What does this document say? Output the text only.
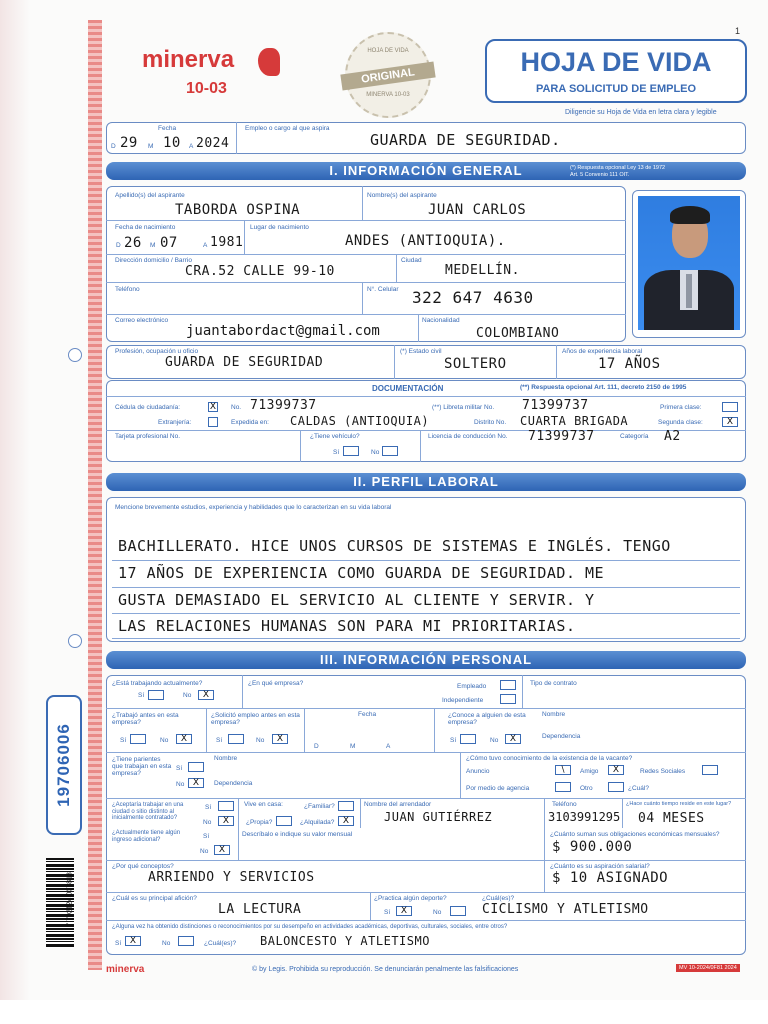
1
minerva
10-03
HOJA DE VIDA
ORIGINAL
MINERVA 10-03
HOJA DE VIDA
PARA SOLICITUD DE EMPLEO
Diligencie su Hoja de Vida en letra clara y legible
Fecha
D 29 M 10 A 2024
Empleo o cargo al que aspira
GUARDA DE SEGURIDAD.
I. INFORMACIÓN GENERAL	(*) Respuesta opcional Ley 13 de 1972
Art. 5 Convenio 111 OIT.
Apellido(s) del aspirante
TABORDA OSPINA
Nombre(s) del aspirante
JUAN CARLOS
Fecha de nacimiento
D 26 M 07	A 1981
Lugar de nacimiento
ANDES (ANTIOQUIA).
Dirección domicilio / Barrio
CRA.52 CALLE 99-10
Ciudad
MEDELLÍN.
Teléfono	N°. Celular 322 647 4630
Correo electrónico
juantabordact@gmail.com
Nacionalidad
COLOMBIANO
Profesión, ocupación u oficio
GUARDA DE SEGURIDAD
(*) Estado civil
SOLTERO
Años de experiencia laboral
17 AÑOS
DOCUMENTACIÓN	(**) Respuesta opcional Art. 111, decreto 2150 de 1995
Cédula de ciudadanía:	X No. 71399737
Extranjería:	Expedida en: CALDAS (ANTIOQUIA)
(**) Libreta militar No. 71399737	Primera clase:
Distrito No. CUARTA BRIGADA	Segunda clase:	X
Tarjeta profesional No.	¿Tiene vehículo?
Sí	No
Licencia de conducción No. 71399737	Categoría A2
II. PERFIL LABORAL
Mencione brevemente estudios, experiencia y habilidades que lo caracterizan en su vida laboral
BACHILLERATO. HICE UNOS CURSOS DE SISTEMAS E INGLÉS. TENGO
17 AÑOS DE EXPERIENCIA COMO GUARDA DE SEGURIDAD. ME
GUSTA DEMASIADO EL SERVICIO AL CLIENTE Y SERVIR. Y
LAS RELACIONES HUMANAS SON PARA MI PRIORITARIAS.
III. INFORMACIÓN PERSONAL
¿Está trabajando actualmente?
Sí	No	X
¿En qué empresa?	Empleado
Independiente
Tipo de contrato
¿Trabajó antes en esta empresa?
Sí	No	X
¿Solicitó empleo antes en esta empresa?
Sí	No	X
Fecha
D	M	A
¿Conoce a alguien de esta empresa?
Sí	No	X
Nombre
Dependencia
¿Tiene parientes que trabajan en esta empresa?
Sí
No X
Nombre
Dependencia
¿Cómo tuvo conocimiento de la existencia de la vacante?
Anuncio	\	Amigo	X	Redes Sociales
Por medio de agencia	Otro	¿Cuál?
¿Aceptaría trabajar en una ciudad o sitio distinto al inicialmente contratado?
Sí
No	X
Vive en casa:	¿Familiar?
¿Propia?	¿Alquilada? X
Nombre del arrendador
JUAN GUTIÉRREZ
Teléfono
3103991295
¿Hace cuánto tiempo reside en este lugar?
04 MESES
¿Actualmente tiene algún ingreso adicional?	Sí
No	X
Descríbalo e indique su valor mensual	¿Cuánto suman sus obligaciones económicas mensuales?
$ 900.000
¿Por qué conceptos?
ARRIENDO Y SERVICIOS
¿Cuánto es su aspiración salarial?
$ 10 ASIGNADO
¿Cuál es su principal afición?
LA LECTURA
¿Practica algún deporte?
Sí	X	No
¿Cuál(es)?
CICLISMO Y ATLETISMO
¿Alguna vez ha obtenido distinciones o reconocimientos por su desempeño en actividades académicas, deportivas, culturales, sociales, entre otros?
Sí X	No	¿Cuál(es)? BALONCESTO Y ATLETISMO
19706006
7 702124 007813
minerva	© by Legis. Prohibida su reproducción. Se denunciarán penalmente las falsificaciones	MV 10-2024/0F81 2024
